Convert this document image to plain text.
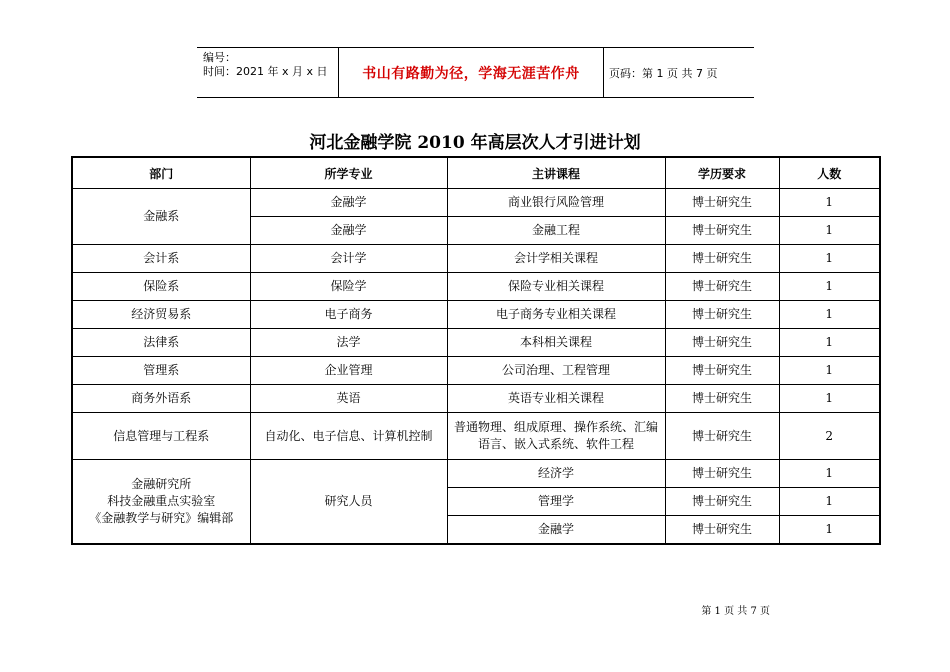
编号：
时间：2021 年 x 月 x 日	书山有路勤为径，学海无涯苦作舟	页码：第 1 页 共 7 页
河北金融学院 2010 年高层次人才引进计划
部门	所学专业	主讲课程	学历要求	人数
金融系	金融学	商业银行风险管理	博士研究生	1
	金融学	金融工程	博士研究生	1
会计系	会计学	会计学相关课程	博士研究生	1
保险系	保险学	保险专业相关课程	博士研究生	1
经济贸易系	电子商务	电子商务专业相关课程	博士研究生	1
法律系	法学	本科相关课程	博士研究生	1
管理系	企业管理	公司治理、工程管理	博士研究生	1
商务外语系	英语	英语专业相关课程	博士研究生	1
信息管理与工程系	自动化、电子信息、计算机控制	普通物理、组成原理、操作系统、汇编语言、嵌入式系统、软件工程	博士研究生	2

金融研究所
科技金融重点实验室
《金融教学与研究》编辑部	研究人员	经济学	博士研究生	1
		管理学	博士研究生	1
		金融学	博士研究生	1
第 1 页 共 7 页
